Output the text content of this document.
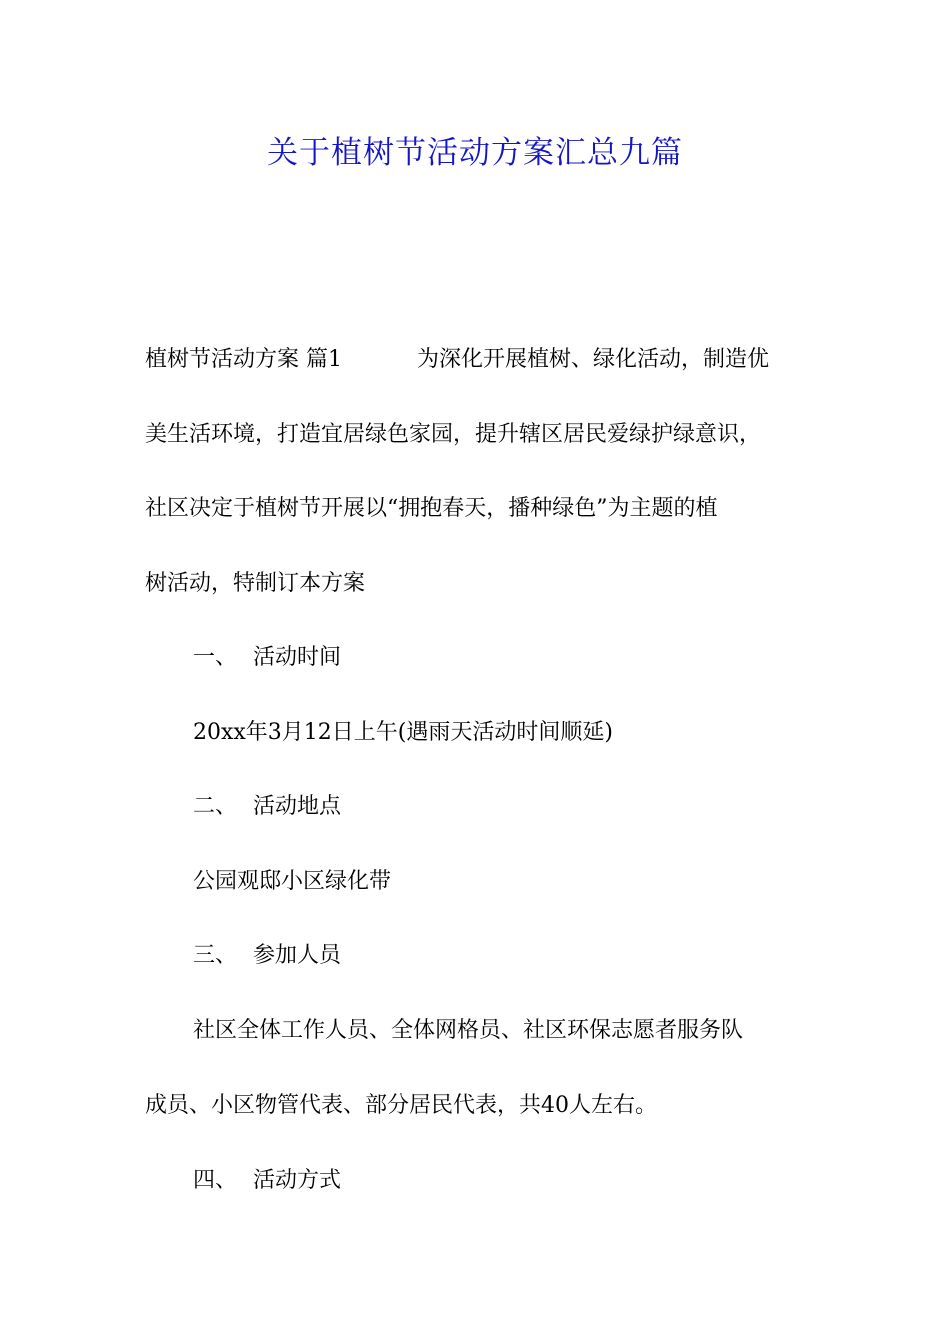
关于植树节活动方案汇总九篇

植树节活动方案 篇1	为深化开展植树、绿化活动，制造优

美生活环境，打造宜居绿色家园，提升辖区居民爱绿护绿意识，

社区决定于植树节开展以“拥抱春天，播种绿色”为主题的植

树活动，特制订本方案

一、 活动时间

20xx年3月12日上午(遇雨天活动时间顺延)

二、 活动地点

公园观邸小区绿化带

三、 参加人员

社区全体工作人员、全体网格员、社区环保志愿者服务队

成员、小区物管代表、部分居民代表，共40人左右。

四、 活动方式
